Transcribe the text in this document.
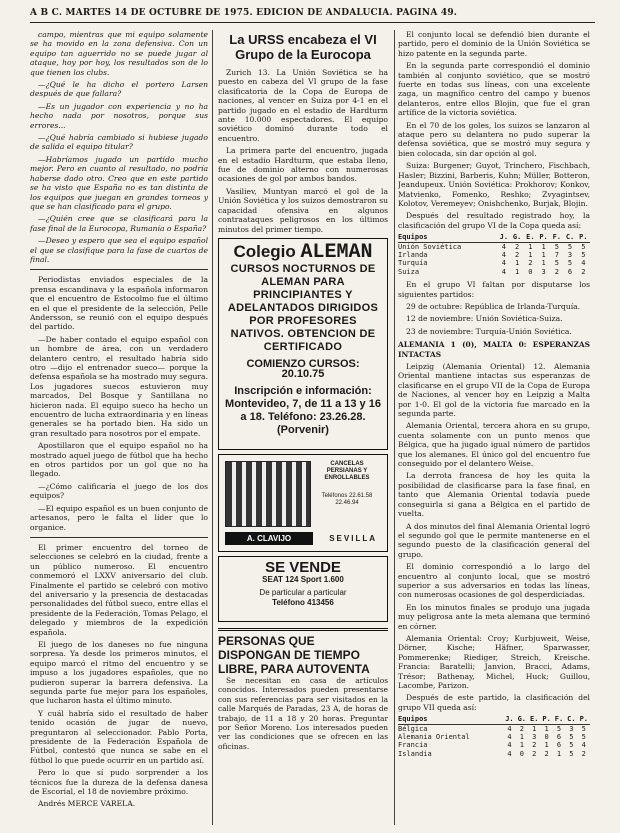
A B C. MARTES 14 DE OCTUBRE DE 1975. EDICION DE ANDALUCIA. PAGINA 49.

campo, mientras que mi equipo solamente se ha movido en la zona defensiva. Con un equipo tan aguerrido no se puede jugar al ataque, hoy por hoy, los resultados son de lo que tienen los clubs.

—¿Qué le ha dicho el portero Larsen después de que fallara?

—Es un jugador con experiencia y no ha hecho nada por nosotros, porque sus errores...

—¿Qué habría cambiado si hubiese jugado de salida el equipo titular?

—Habríamos jugado un partido mucho mejor. Pero en cuanto al resultado, no podría haberse dado otro. Creo que en este partido se ha visto que España no es tan distinta de los equipos que juegan en grandes torneos y que se han clasificado para el grupo.

—¿Quién cree que se clasificará para la fase final de la Eurocopa, Rumanía o España?

—Deseo y espero que sea el equipo español el que se clasifique para la fase de cuartos de final.

Periodistas enviados especiales de la prensa escandinava y la española informaron que el encuentro de Estocolmo fue el último en el que el presidente de la selección, Pelle Andersson, se reunió con el equipo después del partido.

—De haber contado el equipo español con un hombre de área, con un verdadero delantero centro, el resultado habría sido otro —dijo el entrenador sueco— porque la defensa española se ha mostrado muy segura. Los jugadores suecos estuvieron muy marcados, Del Bosque y Santillana no hicieron nada. El equipo sueco ha hecho un encuentro de lucha extraordinaria y en líneas generales se ha portado bien. Ha sido un gran resultado para nosotros por el empate.

Apostillaron que el equipo español no ha mostrado aquel juego de fútbol que ha hecho en otros partidos por un gol que no ha llegado.

—¿Cómo calificaría el juego de los dos equipos?

—El equipo español es un buen conjunto de artesanos, pero le falta el líder que lo organice.

El primer encuentro del torneo de selecciones se celebró en la ciudad, frente a un público numeroso. El encuentro conmemoró el LXXV aniversario del club. Finalmente el partido se celebró con motivo del aniversario y la presencia de destacadas personalidades del fútbol sueco, entre ellas el presidente de la Federación, Tomas Pelago, el delegado y miembros de la expedición española.

El juego de los daneses no fue ninguna sorpresa. Ya desde los primeros minutos, el equipo marcó el ritmo del encuentro y se impuso a los jugadores españoles, que no pudieron superar la barrera defensiva. La segunda parte fue mejor para los españoles, que lucharon hasta el último minuto.

Y cuál habría sido el resultado de haber tenido ocasión de jugar de nuevo, preguntaron al seleccionador. Pablo Porta, presidente de la Federación Española de Fútbol, contestó que nunca se sabe en el fútbol lo que puede ocurrir en un partido así.

Pero lo que sí pudo sorprender a los técnicos fue la dureza de la defensa danesa de Escorial, el 18 de noviembre próximo.

Andrés MERCE VARELA.

La URSS encabeza el VI Grupo de la Eurocopa

Zurich 13. La Unión Soviética se ha puesto en cabeza del VI grupo de la fase clasificatoria de la Copa de Europa de naciones, al vencer en Suiza por 4-1 en el partido jugado en el estadio de Hardturm ante 10.000 espectadores. El equipo soviético dominó durante todo el encuentro.

La primera parte del encuentro, jugada en el estadio Hardturm, que estaba lleno, fue de dominio alterno con numerosas ocasiones de gol por ambos bandos.

Vasiliev, Muntyan marcó el gol de la Unión Soviética y los suizos demostraron su capacidad ofensiva en algunos contraataques peligrosos en los últimos minutos del primer tiempo.

Colegio ALEMAN
CURSOS NOCTURNOS DE ALEMAN PARA PRINCIPIANTES Y ADELANTADOS DIRIGIDOS POR PROFESORES NATIVOS. OBTENCION DE CERTIFICADO
COMIENZO CURSOS: 20.10.75
Inscripción e información: Montevideo, 7, de 11 a 13 y 16 a 18. Teléfono: 23.26.28. (Porvenir)
CANCELAS PERSIANAS Y ENROLLABLES
Teléfonos 22.61.58 22.46.94
A. CLAVIJO	SEVILLA
SE VENDE
SEAT 124 Sport 1.600
De particular a particular
Teléfono 413456
PERSONAS QUE DISPONGAN DE TIEMPO LIBRE, PARA AUTOVENTA

Se necesitan en casa de artículos conocidos. Interesados pueden presentarse con sus referencias para ser visitados en la calle Marqués de Paradas, 23 A, de horas de trabajo, de 11 a 18 y 20 horas. Preguntar por Señor Moreno. Los interesados pueden ver las condiciones que se ofrecen en las oficinas.

El conjunto local se defendió bien durante el partido, pero el dominio de la Unión Soviética se hizo patente en la segunda parte.

En la segunda parte correspondió el dominio también al conjunto soviético, que se mostró fuerte en todas sus líneas, con una excelente zaga, un magnífico centro del campo y buenos delanteros, entre ellos Blojin, que fue el gran artífice de la victoria soviética.

En el 70 de los goles, los suizos se lanzaron al ataque pero su delantera no pudo superar la defensa soviética, que se mostró muy segura y bien colocada, sin dar opción al gol.

Suiza: Burgener; Guyot, Trinchero, Fischbach, Hasler; Bizzini, Barberis, Kuhn; Müller, Botteron, Jeandupeux. Unión Soviética: Prokhorov; Konkov, Matvienko, Fomenko, Reshko; Zvyagintsev, Kolotov, Veremeyev; Onishchenko, Burjak, Blojin.

Después del resultado registrado hoy, la clasificación del grupo VI de la Copa queda así:

Equipos	J.	G.	E.	P.	F.	C.	P.
Unión Soviética	4	2	1	1	5	5	5
Irlanda	4	2	1	1	7	3	5
Turquía	4	1	2	1	5	5	4
Suiza	4	1	0	3	2	6	2

En el grupo VI faltan por disputarse los siguientes partidos:

29 de octubre: República de Irlanda-Turquía.

12 de noviembre: Unión Soviética-Suiza.

23 de noviembre: Turquía-Unión Soviética.

ALEMANIA 1 (0), MALTA 0: ESPERANZAS INTACTAS

Leipzig (Alemania Oriental) 12. Alemania Oriental mantiene intactas sus esperanzas de clasificarse en el grupo VII de la Copa de Europa de Naciones, al vencer hoy en Leipzig a Malta por 1-0. El gol de la victoria fue marcado en la segunda parte.

Alemania Oriental, tercera ahora en su grupo, cuenta solamente con un punto menos que Bélgica, que ha jugado igual número de partidos que los alemanes. El único gol del encuentro fue conseguido por el delantero Weise.

La derrota francesa de hoy les quita la posibilidad de clasificarse para la fase final, en tanto que Alemania Oriental todavía puede conseguirla si gana a Bélgica en el partido de vuelta.

A dos minutos del final Alemania Oriental logró el segundo gol que le permite mantenerse en el segundo puesto de la clasificación general del grupo.

El dominio correspondió a lo largo del encuentro al conjunto local, que se mostró superior a sus adversarios en todas las líneas, con numerosas ocasiones de gol desperdiciadas.

En los minutos finales se produjo una jugada muy peligrosa ante la meta alemana que terminó en córner.

Alemania Oriental: Croy; Kurbjuweit, Weise, Dörner, Kische; Häfner, Sparwasser, Pommerenke; Riediger, Streich, Kreische. Francia: Baratelli; Janvion, Bracci, Adams, Trésor; Bathenay, Michel, Huck; Guillou, Lacombe, Parizon.

Después de este partido, la clasificación del grupo VII queda así:

Equipos	J.	G.	E.	P.	F.	C.	P.
Bélgica	4	2	1	1	5	3	5
Alemania Oriental	4	1	3	0	6	5	5
Francia	4	1	2	1	6	5	4
Islandia	4	0	2	2	1	5	2
